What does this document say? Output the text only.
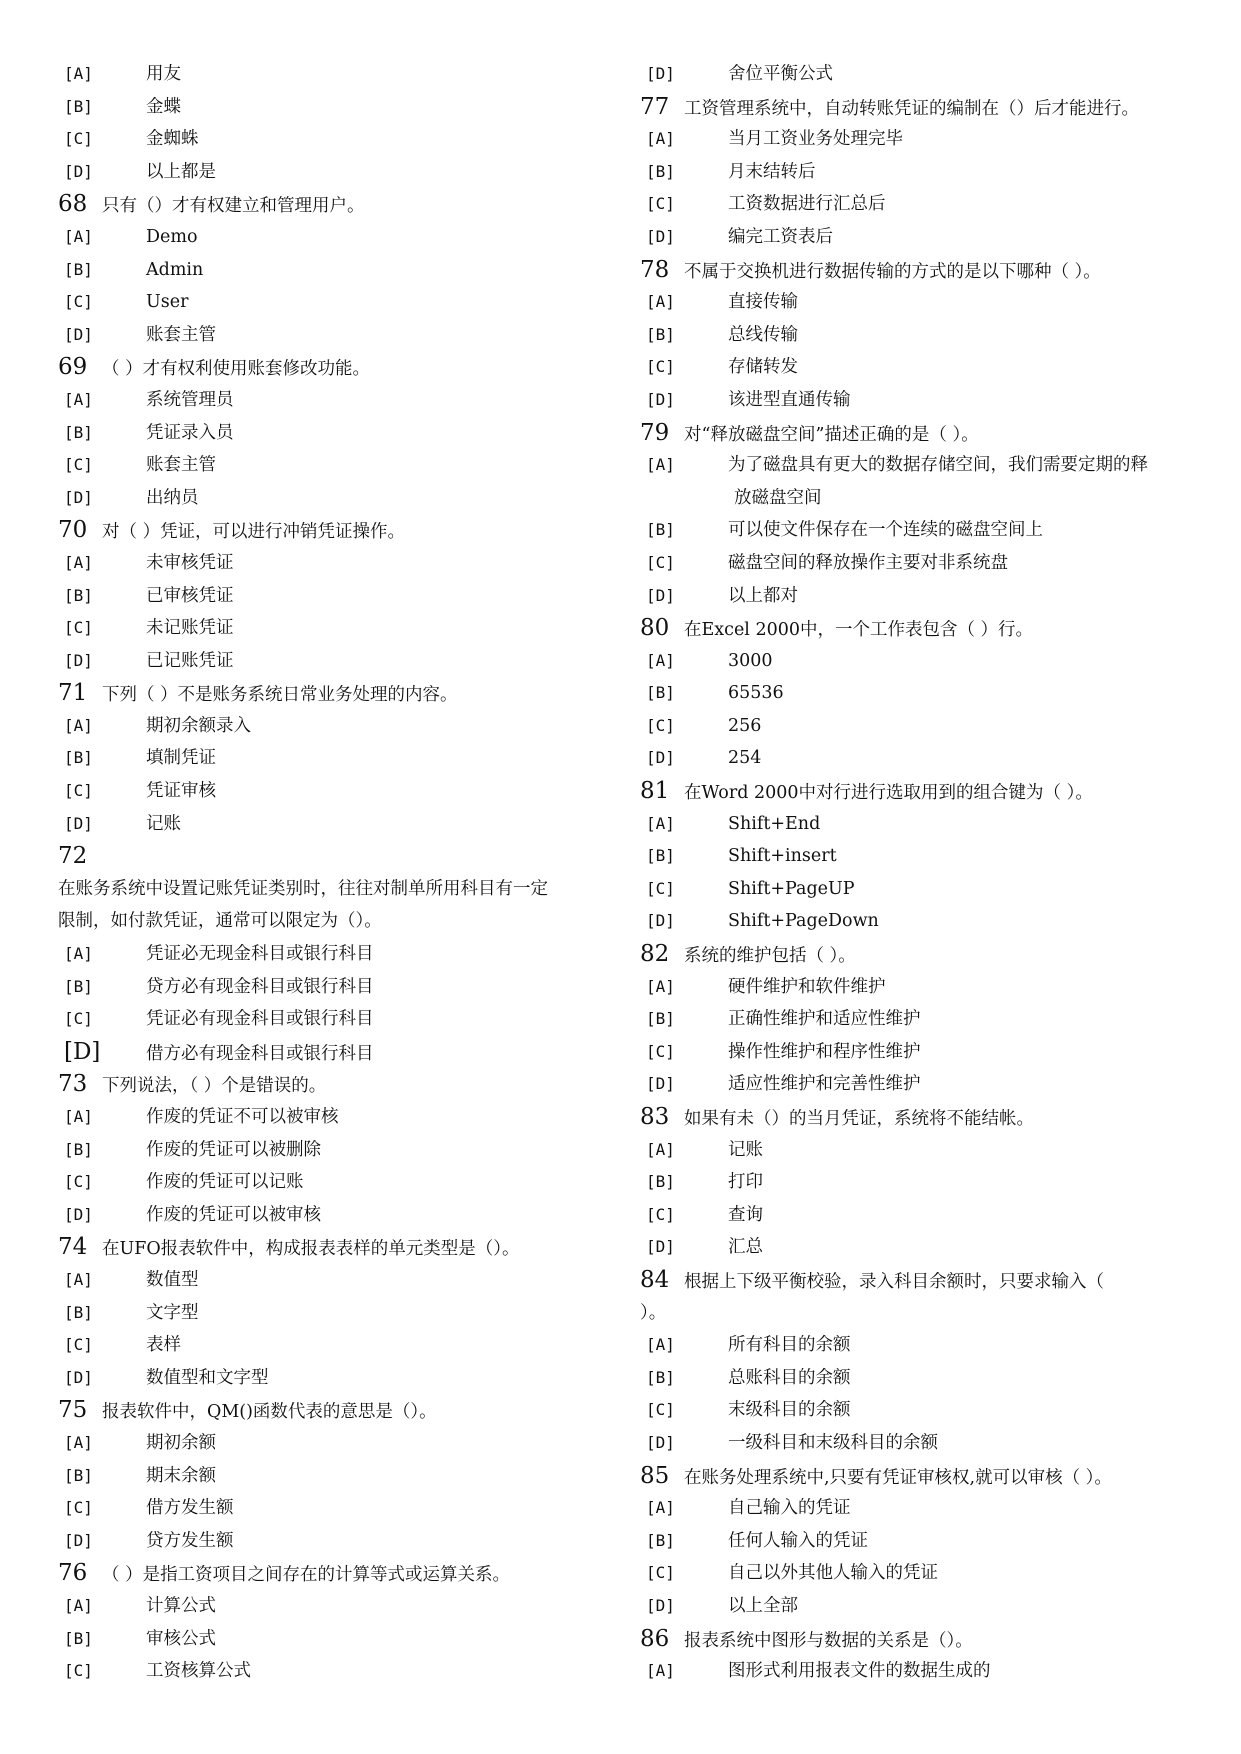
[A]	用友
[B]	金蝶
[C]	金蜘蛛
[D]	以上都是
68 只有（）才有权建立和管理用户。
[A]	Demo
[B]	Admin
[C]	User
[D]	账套主管
69 （ ）才有权利使用账套修改功能。
[A]	系统管理员
[B]	凭证录入员
[C]	账套主管
[D]	出纳员
70 对（ ）凭证，可以进行冲销凭证操作。
[A]	未审核凭证
[B]	已审核凭证
[C]	未记账凭证
[D]	已记账凭证
71 下列（ ）不是账务系统日常业务处理的内容。
[A]	期初余额录入
[B]	填制凭证
[C]	凭证审核
[D]	记账
72
在账务系统中设置记账凭证类别时，往往对制单所用科目有一定
限制，如付款凭证，通常可以限定为（）。
[A]	凭证必无现金科目或银行科目
[B]	贷方必有现金科目或银行科目
[C]	凭证必有现金科目或银行科目
[D]	借方必有现金科目或银行科目
73 下列说法，（ ）个是错误的。
[A]	作废的凭证不可以被审核
[B]	作废的凭证可以被删除
[C]	作废的凭证可以记账
[D]	作废的凭证可以被审核
74 在UFO报表软件中，构成报表表样的单元类型是（）。
[A]	数值型
[B]	文字型
[C]	表样
[D]	数值型和文字型
75 报表软件中，QM()函数代表的意思是（）。
[A]	期初余额
[B]	期末余额
[C]	借方发生额
[D]	贷方发生额
76 （ ）是指工资项目之间存在的计算等式或运算关系。
[A]	计算公式
[B]	审核公式
[C]	工资核算公式
[D]	舍位平衡公式
77 工资管理系统中，自动转账凭证的编制在（）后才能进行。
[A]	当月工资业务处理完毕
[B]	月末结转后
[C]	工资数据进行汇总后
[D]	编完工资表后
78 不属于交换机进行数据传输的方式的是以下哪种（ ）。
[A]	直接传输
[B]	总线传输
[C]	存储转发
[D]	该进型直通传输
79 对“释放磁盘空间”描述正确的是（ ）。
[A]	为了磁盘具有更大的数据存储空间，我们需要定期的释
放磁盘空间
[B]	可以使文件保存在一个连续的磁盘空间上
[C]	磁盘空间的释放操作主要对非系统盘
[D]	以上都对
80 在Excel 2000中，一个工作表包含（ ）行。
[A]	3000
[B]	65536
[C]	256
[D]	254
81 在Word 2000中对行进行选取用到的组合键为（ ）。
[A]	Shift+End
[B]	Shift+insert
[C]	Shift+PageUP
[D]	Shift+PageDown
82 系统的维护包括（ ）。
[A]	硬件维护和软件维护
[B]	正确性维护和适应性维护
[C]	操作性维护和程序性维护
[D]	适应性维护和完善性维护
83 如果有未（）的当月凭证，系统将不能结帐。
[A]	记账
[B]	打印
[C]	查询
[D]	汇总
84 根据上下级平衡校验，录入科目余额时，只要求输入（
）。
[A]	所有科目的余额
[B]	总账科目的余额
[C]	末级科目的余额
[D]	一级科目和末级科目的余额
85 在账务处理系统中,只要有凭证审核权,就可以审核（ ）。
[A]	自己输入的凭证
[B]	任何人输入的凭证
[C]	自己以外其他人输入的凭证
[D]	以上全部
86 报表系统中图形与数据的关系是（）。
[A]	图形式利用报表文件的数据生成的
